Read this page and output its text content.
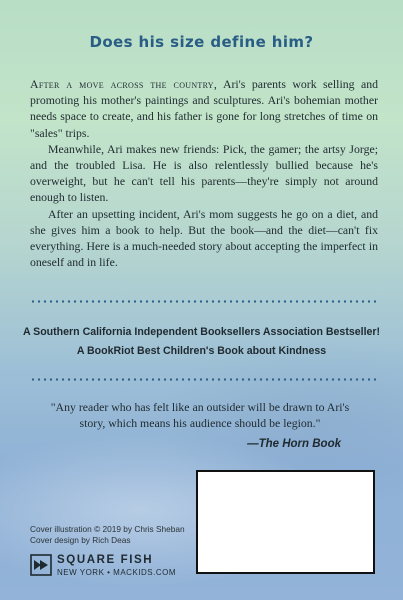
Does his size define him?

After a move across the country, Ari's parents work selling and promoting his mother's paintings and sculptures. Ari's bohemian mother needs space to create, and his father is gone for long stretches of time on "sales" trips.

Meanwhile, Ari makes new friends: Pick, the gamer; the artsy Jorge; and the troubled Lisa. He is also relentlessly bullied because he's overweight, but he can't tell his parents—they're simply not around enough to listen.

After an upsetting incident, Ari's mom suggests he go on a diet, and she gives him a book to help. But the book—and the diet—can't fix everything. Here is a much-needed story about accepting the imperfect in oneself and in life.

A Southern California Independent Booksellers Association Bestseller!
A BookRiot Best Children's Book about Kindness
"Any reader who has felt like an outsider will be drawn to Ari's story, which means his audience should be legion."
—The Horn Book
Cover illustration © 2019 by Chris Sheban
Cover design by Rich Deas
SQUARE FISH
NEW YORK • MACKIDS.COM
